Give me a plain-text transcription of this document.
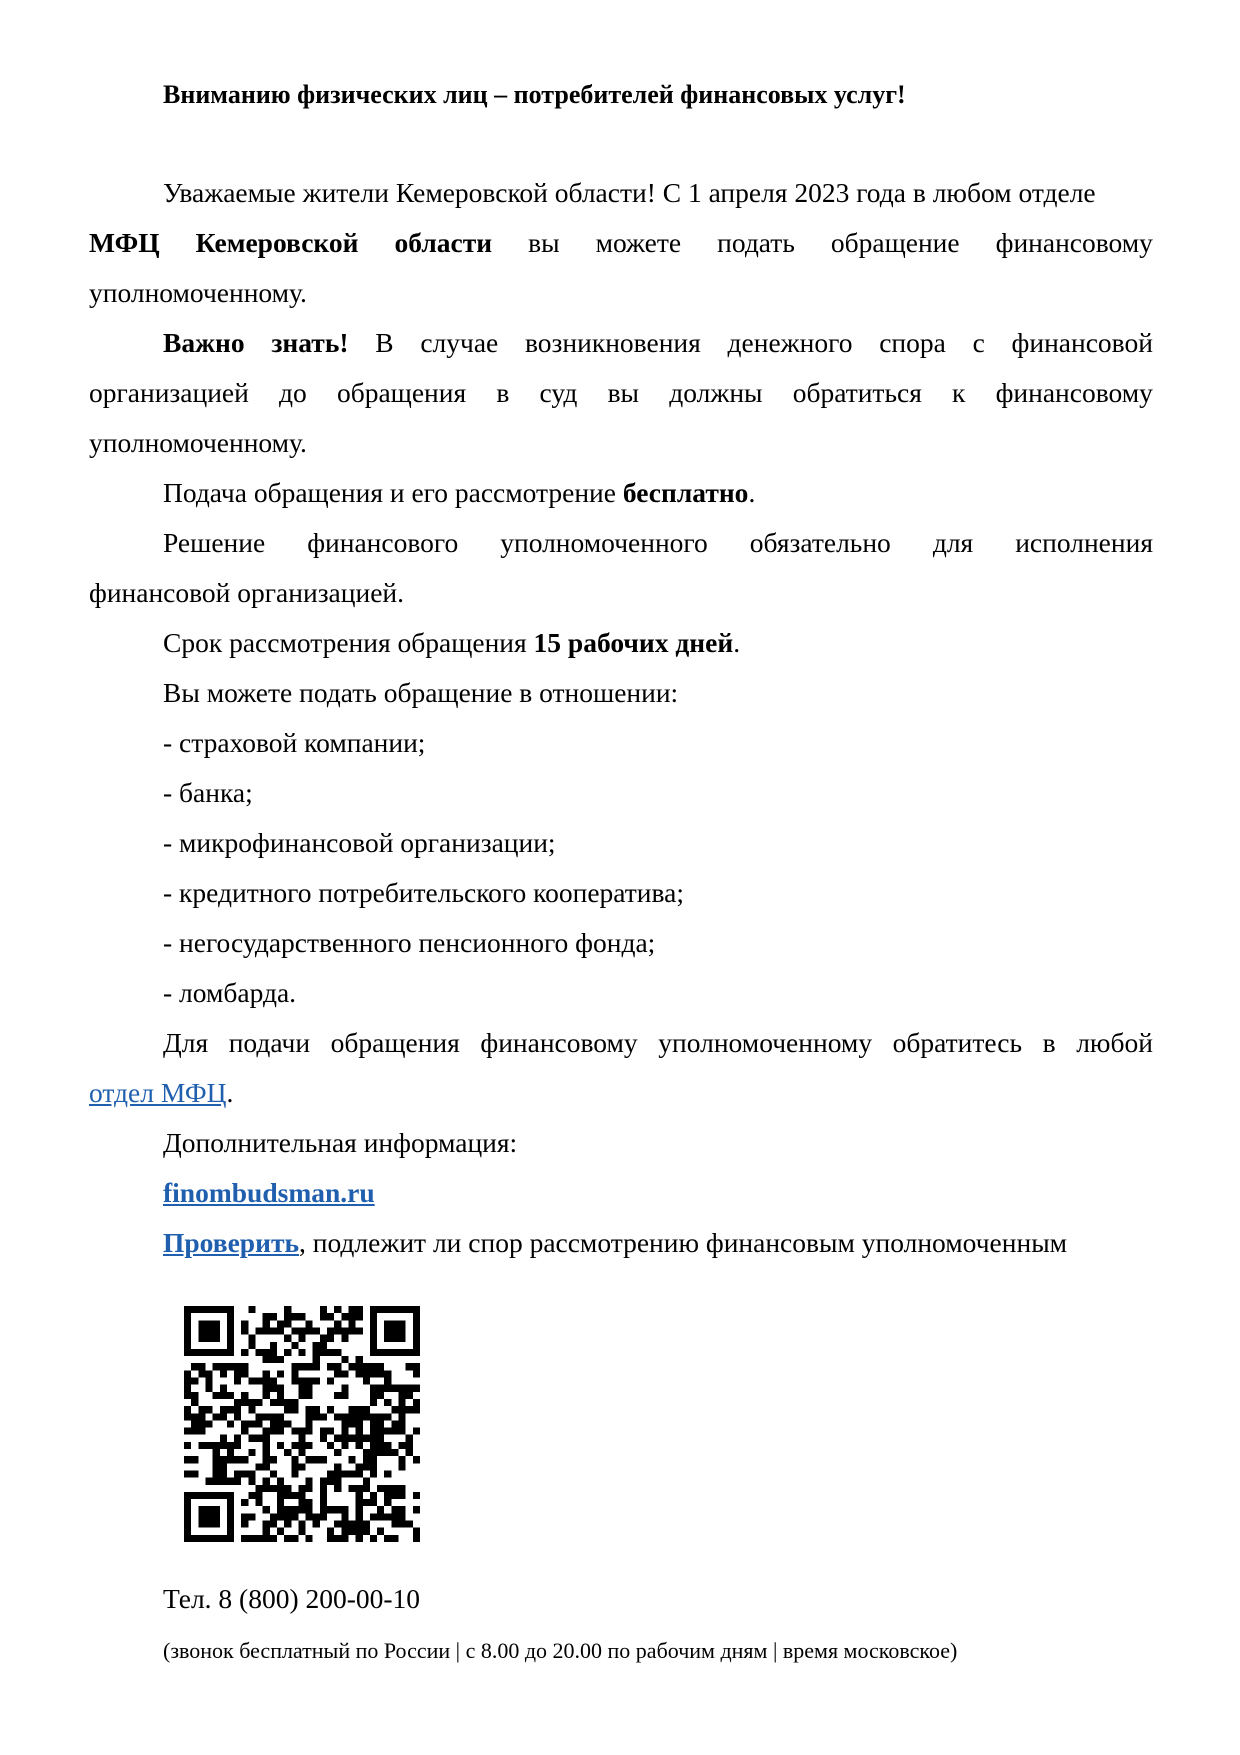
Вниманию физических лиц – потребителей финансовых услуг!
Уважаемые жители Кемеровской области! С 1 апреля 2023 года в любом отделе
МФЦ Кемеровской области вы можете подать обращение финансовому
уполномоченному.
Важно знать! В случае возникновения денежного спора с финансовой
организацией до обращения в суд вы должны обратиться к финансовому
уполномоченному.
Подача обращения и его рассмотрение бесплатно.
Решение финансового уполномоченного обязательно для исполнения
финансовой организацией.
Срок рассмотрения обращения 15 рабочих дней.
Вы можете подать обращение в отношении:
- страховой компании;
- банка;
- микрофинансовой организации;
- кредитного потребительского кооператива;
- негосударственного пенсионного фонда;
- ломбарда.
Для подачи обращения финансовому уполномоченному обратитесь в любой
отдел МФЦ.
Дополнительная информация:
finombudsman.ru
Проверить, подлежит ли спор рассмотрению финансовым уполномоченным
Тел. 8 (800) 200-00-10
(звонок бесплатный по России | с 8.00 до 20.00 по рабочим дням | время московское)
